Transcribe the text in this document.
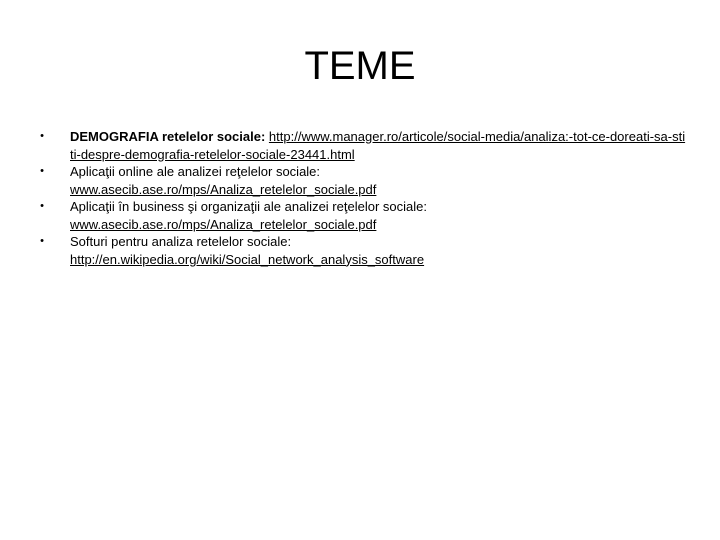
TEME
•	DEMOGRAFIA retelelor sociale: http://www.manager.ro/articole/social-media/analiza:-tot-ce-doreati-sa-stiti-despre-demografia-retelelor-sociale-23441.html
•	Aplicaţii online ale analizei reţelelor sociale:
www.asecib.ase.ro/mps/Analiza_retelelor_sociale.pdf
•	Aplicaţii în business şi organizaţii ale analizei reţelelor sociale:
www.asecib.ase.ro/mps/Analiza_retelelor_sociale.pdf
•	Softuri pentru analiza retelelor sociale:
http://en.wikipedia.org/wiki/Social_network_analysis_software
